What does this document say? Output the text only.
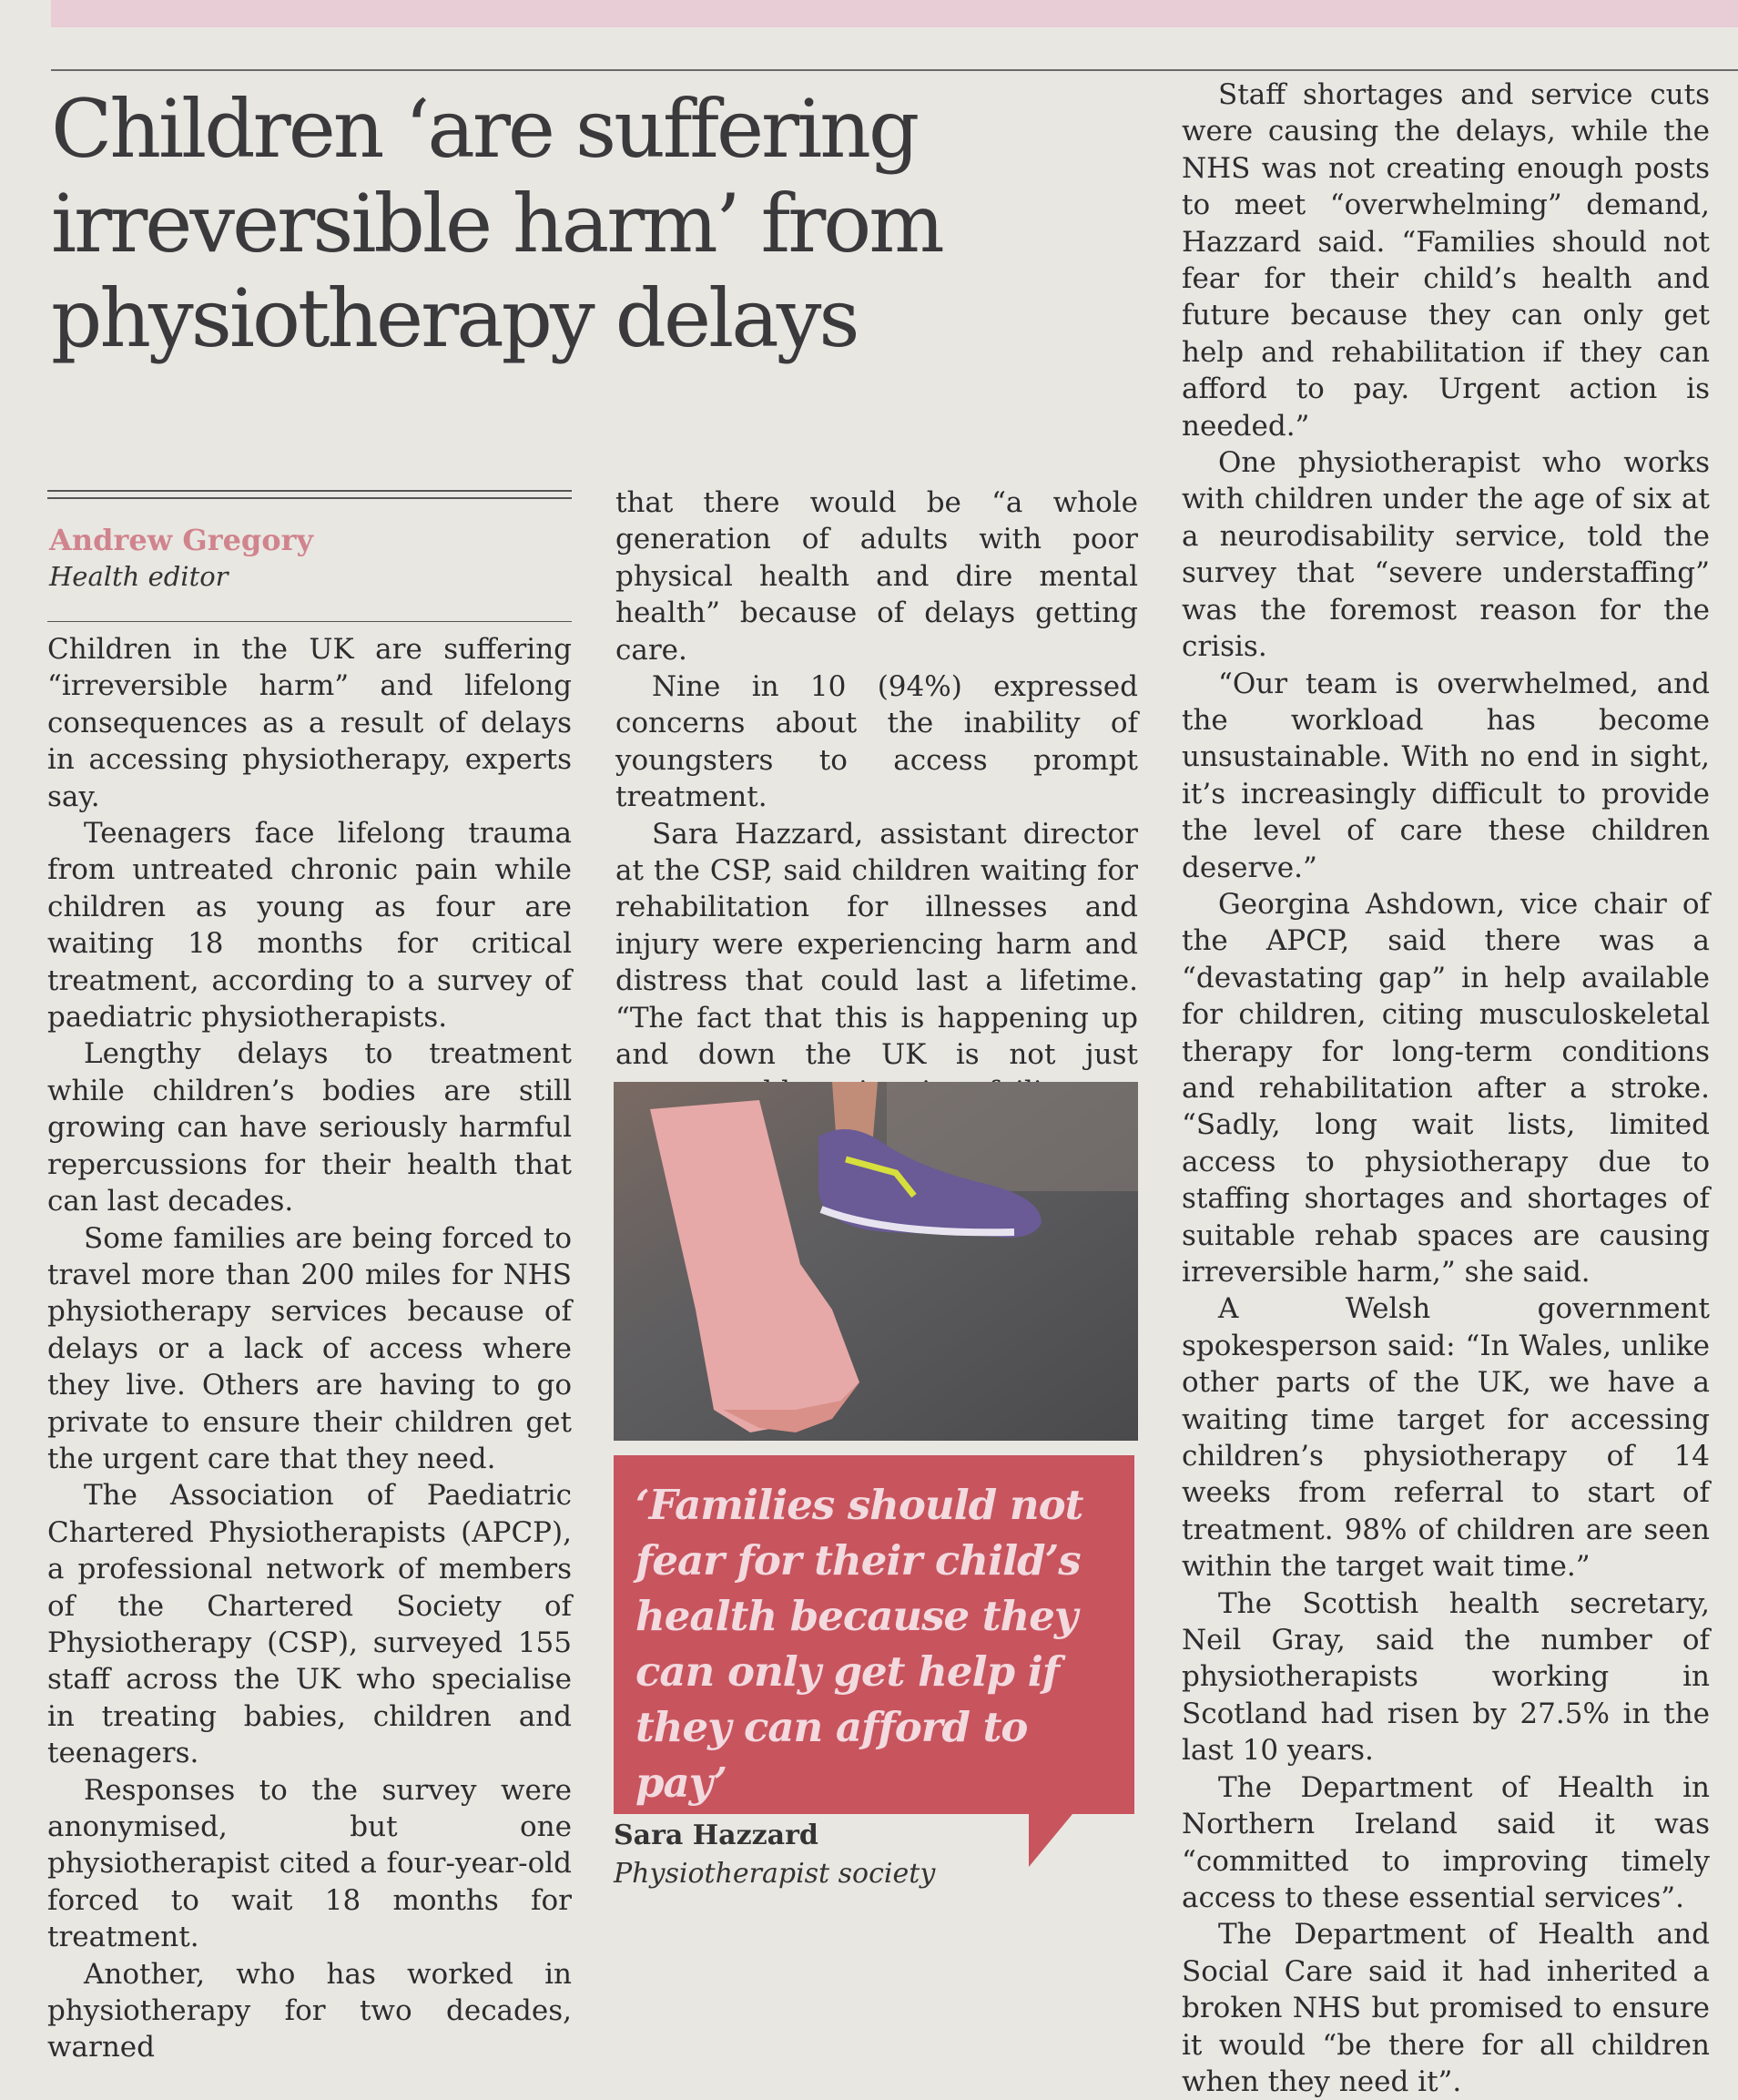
Children ‘are suffering irreversible harm’ from physiotherapy delays
Andrew Gregory
Health editor

Children in the UK are suffering “irreversible harm” and lifelong consequences as a result of delays in accessing physiotherapy, experts say.

Teenagers face lifelong trauma from untreated chronic pain while children as young as four are waiting 18 months for critical treatment, according to a survey of paediatric physiotherapists.

Lengthy delays to treatment while children’s bodies are still growing can have seriously harmful repercussions for their health that can last decades.

Some families are being forced to travel more than 200 miles for NHS physiotherapy services because of delays or a lack of access where they live. Others are having to go private to ensure their children get the urgent care that they need.

The Association of Paediatric Chartered Physiotherapists (APCP), a professional network of members of the Chartered Society of Physiotherapy (CSP), surveyed 155 staff across the UK who specialise in treating babies, children and teenagers.

Responses to the survey were anonymised, but one physiotherapist cited a four-year-old forced to wait 18 months for treatment.

Another, who has worked in physiotherapy for two decades, warned

that there would be “a whole generation of adults with poor physical health and dire mental health” because of delays getting care.

Nine in 10 (94%) expressed concerns about the inability of youngsters to access prompt treatment.

Sara Hazzard, assistant director at the CSP, said children waiting for rehabilitation for illnesses and injury were experiencing harm and distress that could last a lifetime. “The fact that this is happening up and down the UK is not just

‘Families should not fear for their child’s health because they can only get help if they can afford to pay’
Sara Hazzard
Physiotherapist society

Staff shortages and service cuts were causing the delays, while the NHS was not creating enough posts to meet “overwhelming” demand, Hazzard said. “Families should not fear for their child’s health and future because they can only get help and rehabilitation if they can afford to pay. Urgent action is needed.”

One physiotherapist who works with children under the age of six at a neurodisability service, told the survey that “severe understaffing” was the foremost reason for the crisis.

“Our team is overwhelmed, and the workload has become unsustainable. With no end in sight, it’s increasingly difficult to provide the level of care these children deserve.”

Georgina Ashdown, vice chair of the APCP, said there was a “devastating gap” in help available for children, citing musculoskeletal therapy for long-term conditions and rehabilitation after a stroke. “Sadly, long wait lists, limited access to physiotherapy due to staffing shortages and shortages of suitable rehab spaces are causing irreversible harm,” she said.

A Welsh government spokesperson said: “In Wales, unlike other parts of the UK, we have a waiting time target for accessing children’s physiotherapy of 14 weeks from referral to start of treatment. 98% of children are seen within the target wait time.”

The Scottish health secretary, Neil Gray, said the number of physiotherapists working in Scotland had risen by 27.5% in the last 10 years.

The Department of Health in Northern Ireland said it was “committed to improving timely access to these essential services”.

The Department of Health and Social Care said it had inherited a broken NHS but promised to ensure it would “be there for all children when they need it”.
